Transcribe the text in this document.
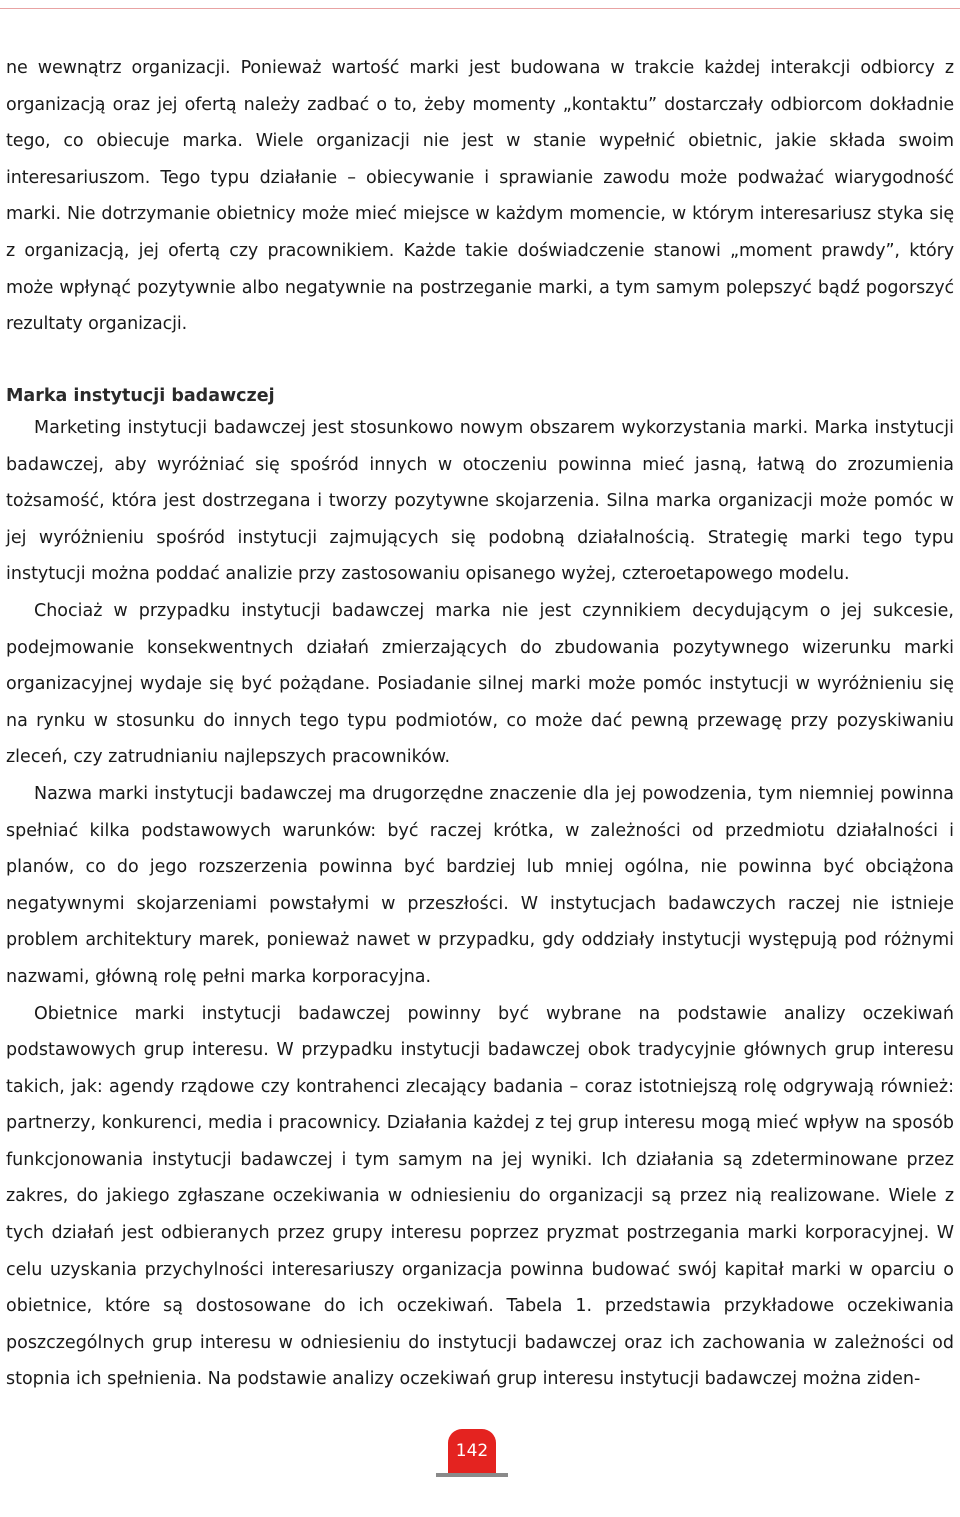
ne wewnątrz organizacji. Ponieważ wartość marki jest budowana w trakcie każdej interakcji odbiorcy z organizacją oraz jej ofertą należy zadbać o to, żeby momenty „kontaktu” dostarczały odbiorcom dokładnie tego, co obiecuje marka. Wiele organizacji nie jest w stanie wypełnić obietnic, jakie składa swoim interesariuszom. Tego typu działanie – obiecywanie i sprawianie zawodu może podważać wiarygodność marki. Nie dotrzymanie obietnicy może mieć miejsce w każdym momencie, w którym interesariusz styka się z organizacją, jej ofertą czy pracownikiem. Każde takie doświadczenie stanowi „moment prawdy”, który może wpłynąć pozytywnie albo negatywnie na postrzeganie marki, a tym samym polepszyć bądź pogorszyć rezultaty organizacji.

Marka instytucji badawczej

Marketing instytucji badawczej jest stosunkowo nowym obszarem wykorzystania marki. Marka instytucji badawczej, aby wyróżniać się spośród innych w otoczeniu powinna mieć jasną, łatwą do zrozumienia tożsamość, która jest dostrzegana i tworzy pozytywne skojarzenia. Silna marka organizacji może pomóc w jej wyróżnieniu spośród instytucji zajmujących się podobną działalnością. Strategię marki tego typu instytucji można poddać analizie przy zastosowaniu opisanego wyżej, czteroetapowego modelu.

Chociaż w przypadku instytucji badawczej marka nie jest czynnikiem decydującym o jej sukcesie, podejmowanie konsekwentnych działań zmierzających do zbudowania pozytywnego wizerunku marki organizacyjnej wydaje się być pożądane. Posiadanie silnej marki może pomóc instytucji w wyróżnieniu się na rynku w stosunku do innych tego typu podmiotów, co może dać pewną przewagę przy pozyskiwaniu zleceń, czy zatrudnianiu najlepszych pracowników.

Nazwa marki instytucji badawczej ma drugorzędne znaczenie dla jej powodzenia, tym niemniej powinna spełniać kilka podstawowych warunków: być raczej krótka, w zależności od przedmiotu działalności i planów, co do jego rozszerzenia powinna być bardziej lub mniej ogólna, nie powinna być obciążona negatywnymi skojarzeniami powstałymi w przeszłości. W instytucjach badawczych raczej nie istnieje problem architektury marek, ponieważ nawet w przypadku, gdy oddziały instytucji występują pod różnymi nazwami, główną rolę pełni marka korporacyjna.

Obietnice marki instytucji badawczej powinny być wybrane na podstawie analizy oczekiwań podstawowych grup interesu. W przypadku instytucji badawczej obok tradycyjnie głównych grup interesu takich, jak: agendy rządowe czy kontrahenci zlecający badania – coraz istotniejszą rolę odgrywają również: partnerzy, konkurenci, media i pracownicy. Działania każdej z tej grup interesu mogą mieć wpływ na sposób funkcjonowania instytucji badawczej i tym samym na jej wyniki. Ich działania są zdeterminowane przez zakres, do jakiego zgłaszane oczekiwania w odniesieniu do organizacji są przez nią realizowane. Wiele z tych działań jest odbieranych przez grupy interesu poprzez pryzmat postrzegania marki korporacyjnej. W celu uzyskania przychylności interesariuszy organizacja powinna budować swój kapitał marki w oparciu o obietnice, które są dostosowane do ich oczekiwań. Tabela 1. przedstawia przykładowe oczekiwania poszczególnych grup interesu w odniesieniu do instytucji badawczej oraz ich zachowania w zależności od stopnia ich spełnienia. Na podstawie analizy oczekiwań grup interesu instytucji badawczej można ziden-

142
